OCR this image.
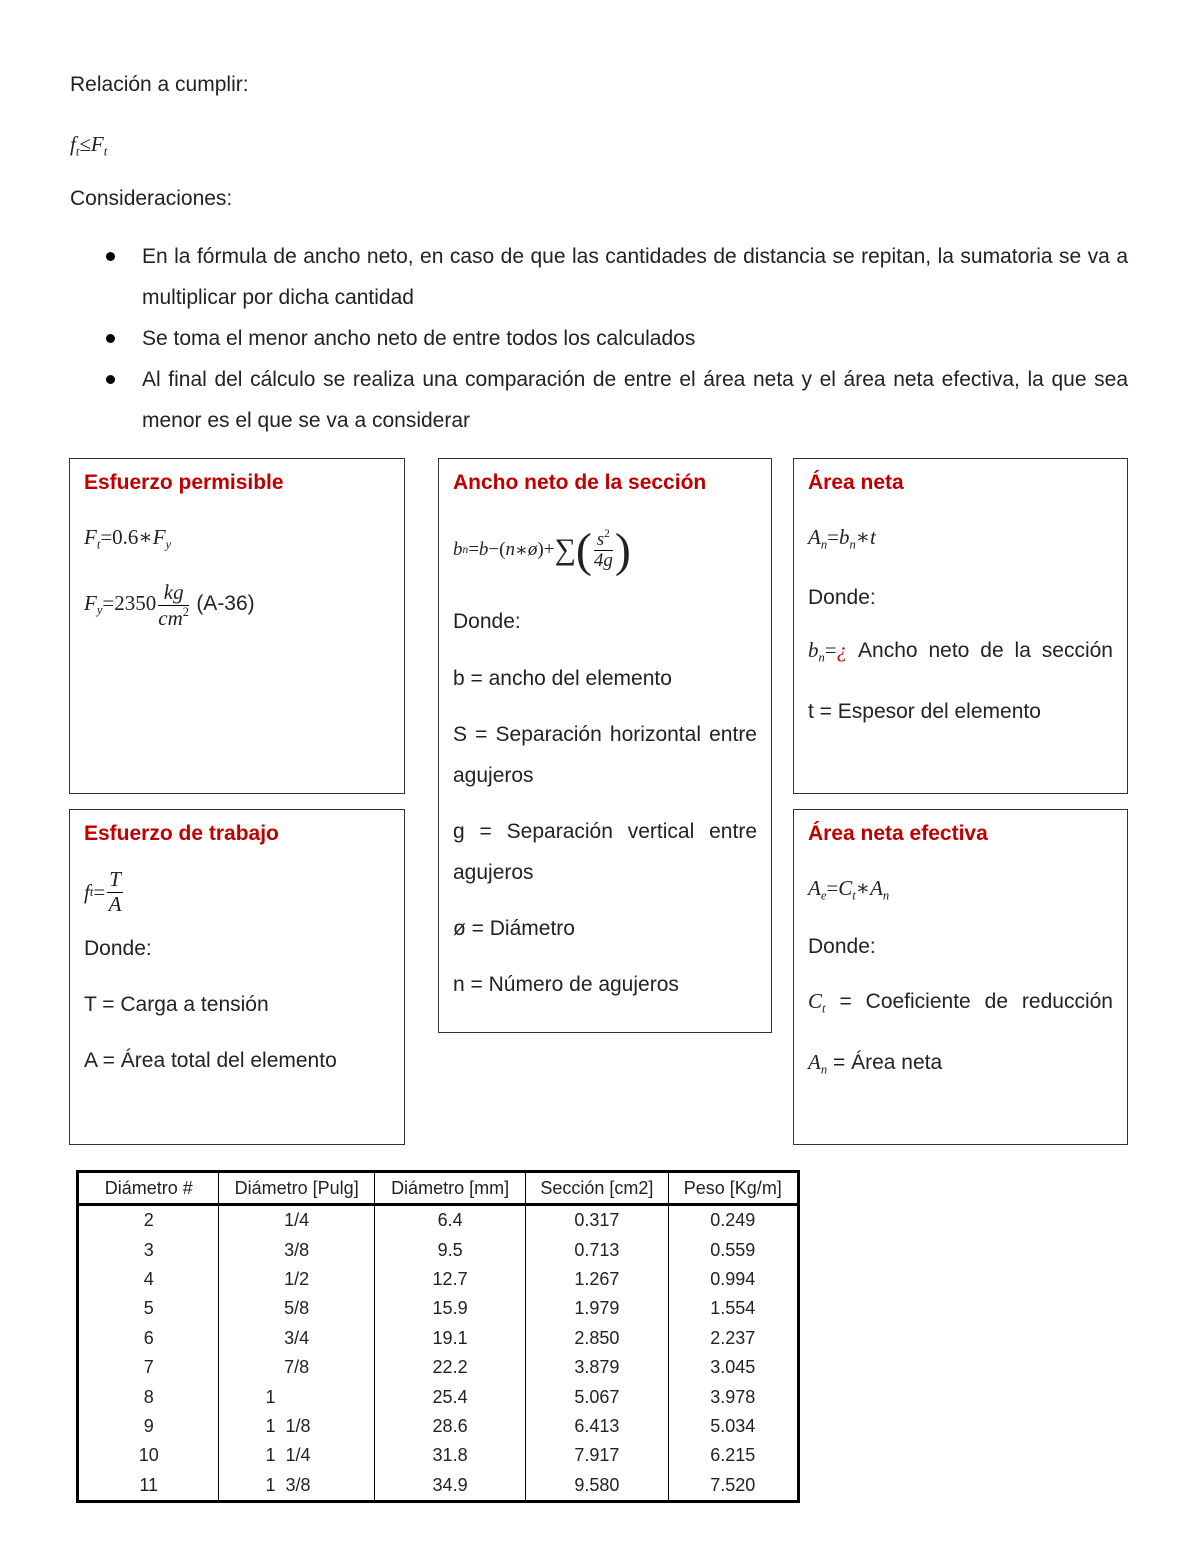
Relación a cumplir:
$f_t\le F_t$
Consideraciones:
En la fórmula de ancho neto, en caso de que las cantidades de distancia se repitan, la sumatoria se va a multiplicar por dicha cantidad
Se toma el menor ancho neto de entre todos los calculados
Al final del cálculo se realiza una comparación de entre el área neta y el área neta efectiva, la que sea menor es el que se va a considerar
Esfuerzo permisible

$F_t=0.6∗F_y$

$F_y=2350 \frac{kg}{cm^2} (A-36)$

Ancho neto de la sección
b n = b −( n ∗ ø )+ ∑ ( $\frac{s^2}{4g}$ )

Donde:

b = ancho del elemento

S = Separación horizontal entre agujeros

g = Separación vertical entre agujeros

ø = Diámetro

n = Número de agujeros

Área neta

$A_n=b_n∗t$

Donde:

$b_n=¿$ Ancho neto de la sección

t = Espesor del elemento

Esfuerzo de trabajo
f $t = \frac{T}{A}$

Donde:

T = Carga a tensión

A = Área total del elemento

Área neta efectiva

$A_e=C_t∗A_n$

Donde:

$C_t$ = Coeficiente de reducción

$A_n$ = Área neta

Diámetro #	Diámetro [Pulg]	Diámetro [mm]	Sección [cm2]	Peso [Kg/m]
2	1/4	6.4	0.317	0.249
3	3/8	9.5	0.713	0.559
4	1/2	12.7	1.267	0.994
5	5/8	15.9	1.979	1.554
6	3/4	19.1	2.850	2.237
7	7/8	22.2	3.879	3.045
8	1	25.4	5.067	3.978
9	1  1/8	28.6	6.413	5.034
10	1  1/4	31.8	7.917	6.215
11	1  3/8	34.9	9.580	7.520
